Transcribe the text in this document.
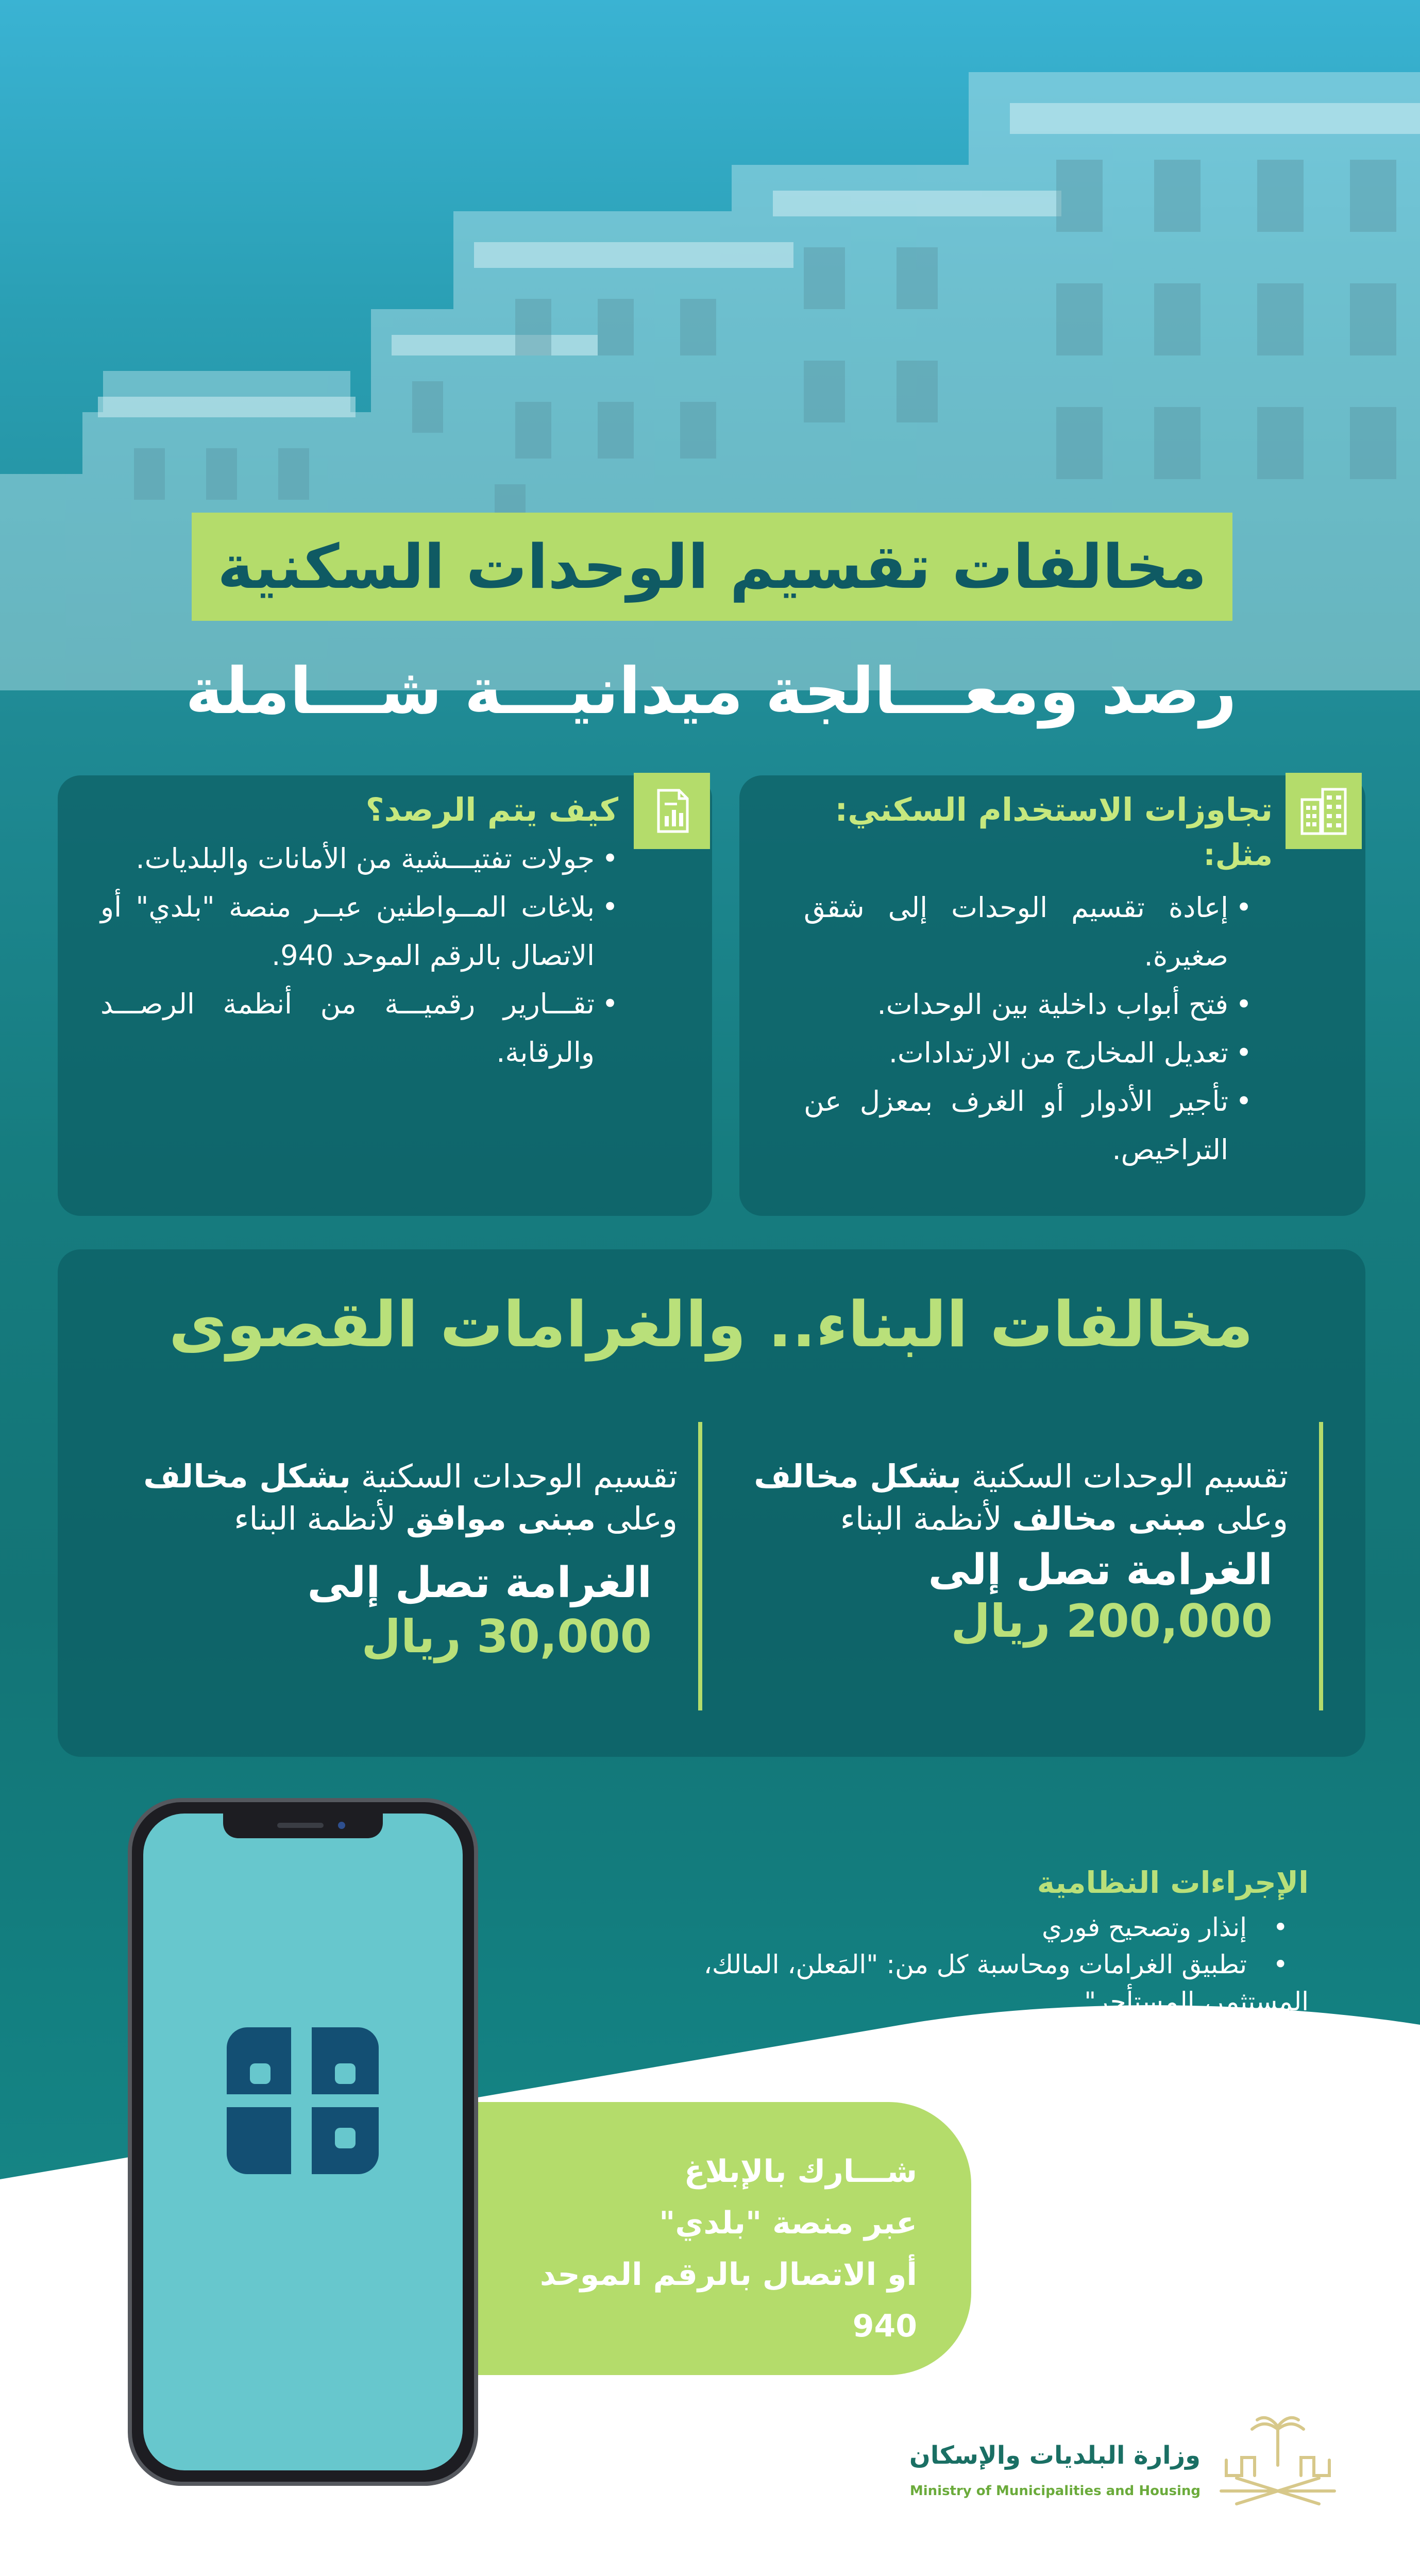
مخالفات تقسيم الوحدات السكنية
رصد ومعـــالجة ميدانيـــة شـــاملة
تجاوزات الاستخدام السكني:
مثل:
• إعادة تقسيم الوحدات إلى شقق صغيرة.
• فتح أبواب داخلية بين الوحدات.
• تعديل المخارج من الارتدادات.
• تأجير الأدوار أو الغرف بمعزل عن التراخيص.
كيف يتم الرصد؟
• جولات تفتيـــشية من الأمانات والبلديات.
• بلاغات المــواطنين عبــر منصة "بلدي" أو الاتصال بالرقم الموحد 940.
• تقـــارير رقميـــة من أنظمة الرصـــد والرقابة.
مخالفات البناء.. والغرامات القصوى
تقسيم الوحدات السكنية بشكل مخالف
وعلى مبنى مخالف لأنظمة البناء
الغرامة تصل إلى
200,000 ريال
تقسيم الوحدات السكنية بشكل مخالف
وعلى مبنى موافق لأنظمة البناء
الغرامة تصل إلى
30,000 ريال
الإجراءات النظامية
• إنذار وتصحيح فوري
• تطبيق الغرامات ومحاسبة كل من: "المَعلن، المالك،
المستثمر، المستأجر"
شـــارك بالإبلاغ
عبر منصة "بلدي"
أو الاتصال بالرقم الموحد 940
وزارة البلديات والإسكان
Ministry of Municipalities and Housing
